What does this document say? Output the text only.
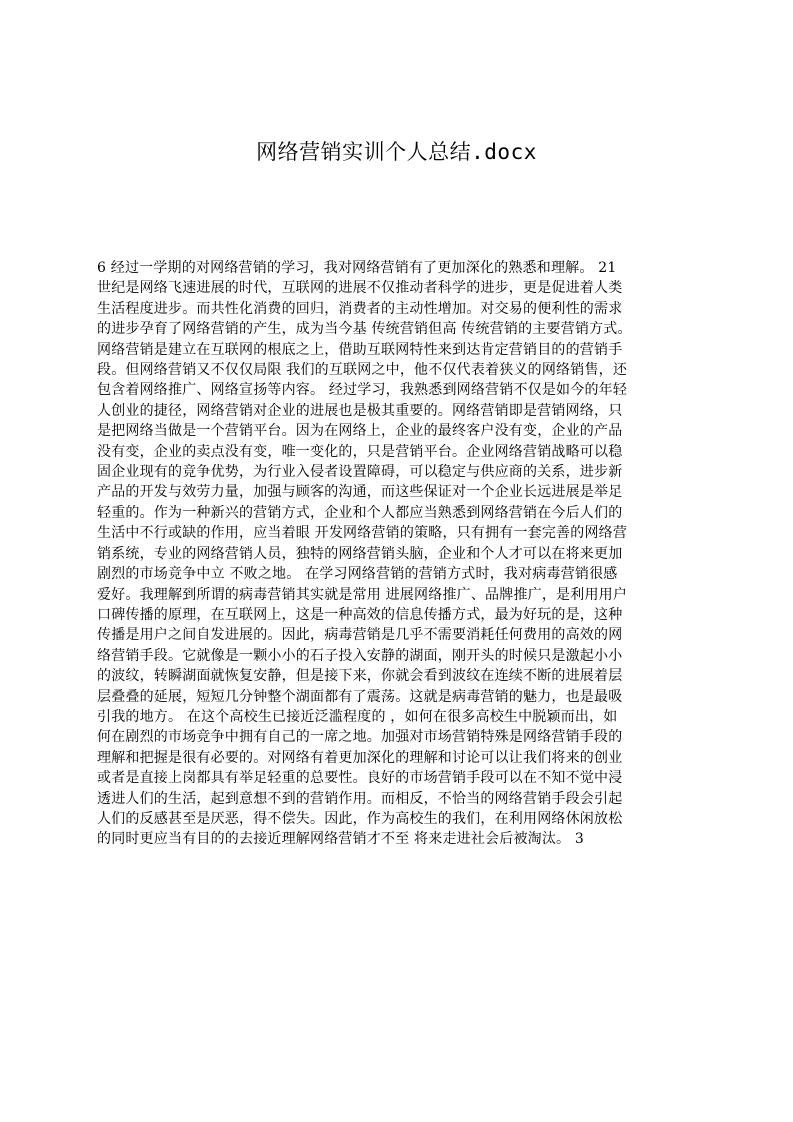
网络营销实训个人总结.docx
6 经过一学期的对网络营销的学习，我对网络营销有了更加深化的熟悉和理解。 21
世纪是网络飞速进展的时代，互联网的进展不仅推动者科学的进步，更是促进着人类
生活程度进步。而共性化消费的回归，消费者的主动性增加。对交易的便利性的需求
的进步孕育了网络营销的产生，成为当今基 传统营销但高 传统营销的主要营销方式。
网络营销是建立在互联网的根底之上，借助互联网特性来到达肯定营销目的的营销手
段。但网络营销又不仅仅局限 我们的互联网之中，他不仅代表着狭义的网络销售，还
包含着网络推广、网络宣扬等内容。 经过学习，我熟悉到网络营销不仅是如今的年轻
人创业的捷径，网络营销对企业的进展也是极其重要的。网络营销即是营销网络，只
是把网络当做是一个营销平台。因为在网络上，企业的最终客户没有变，企业的产品
没有变，企业的卖点没有变，唯一变化的，只是营销平台。企业网络营销战略可以稳
固企业现有的竞争优势，为行业入侵者设置障碍，可以稳定与供应商的关系，进步新
产品的开发与效劳力量，加强与顾客的沟通，而这些保证对一个企业长远进展是举足
轻重的。作为一种新兴的营销方式，企业和个人都应当熟悉到网络营销在今后人们的
生活中不行或缺的作用，应当着眼 开发网络营销的策略，只有拥有一套完善的网络营
销系统，专业的网络营销人员，独特的网络营销头脑，企业和个人才可以在将来更加
剧烈的市场竞争中立 不败之地。 在学习网络营销的营销方式时，我对病毒营销很感
爱好。我理解到所谓的病毒营销其实就是常用 进展网络推广、品牌推广，是利用用户
口碑传播的原理，在互联网上，这是一种高效的信息传播方式，最为好玩的是，这种
传播是用户之间自发进展的。因此，病毒营销是几乎不需要消耗任何费用的高效的网
络营销手段。它就像是一颗小小的石子投入安静的湖面，刚开头的时候只是激起小小
的波纹，转瞬湖面就恢复安静，但是接下来，你就会看到波纹在连续不断的进展着层
层叠叠的延展，短短几分钟整个湖面都有了震荡。这就是病毒营销的魅力，也是最吸
引我的地方。 在这个高校生已接近泛滥程度的 ，如何在很多高校生中脱颖而出，如
何在剧烈的市场竞争中拥有自己的一席之地。加强对市场营销特殊是网络营销手段的
理解和把握是很有必要的。对网络有着更加深化的理解和讨论可以让我们将来的创业
或者是直接上岗都具有举足轻重的总要性。良好的市场营销手段可以在不知不觉中浸
透进人们的生活，起到意想不到的营销作用。而相反，不恰当的网络营销手段会引起
人们的反感甚至是厌恶，得不偿失。因此，作为高校生的我们，在利用网络休闲放松
的同时更应当有目的的去接近理解网络营销才不至 将来走进社会后被淘汰。 3
